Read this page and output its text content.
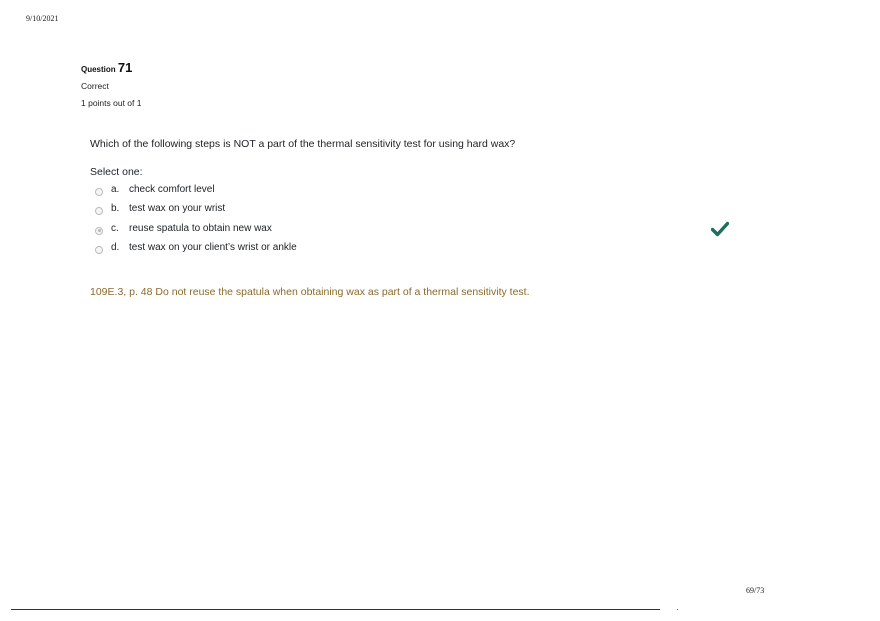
9/10/2021
Question 71
Correct
1 points out of 1
Which of the following steps is NOT a part of the thermal sensitivity test for using hard wax?
Select one:
a. check comfort level
b. test wax on your wrist
c.	reuse spatula to obtain new wax
d. test wax on your client’s wrist or ankle
109E.3, p. 48 Do not reuse the spatula when obtaining wax as part of a thermal sensitivity test.
69/73
